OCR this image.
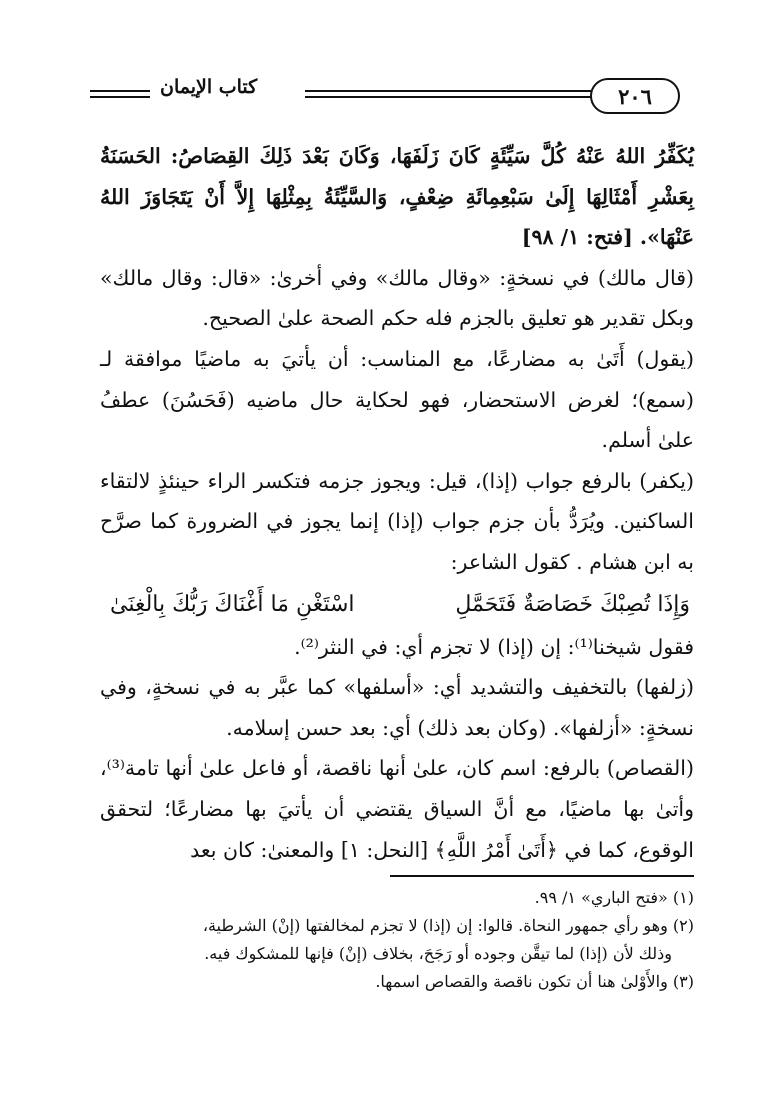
كتاب الإيمان	٢٠٦

يُكَفِّرُ اللهُ عَنْهُ كُلَّ سَيِّئَةٍ كَانَ زَلَفَهَا، وَكَانَ بَعْدَ ذَلِكَ القِصَاصُ: الحَسَنَةُ بِعَشْرِ أَمْثَالِهَا إِلَىٰ سَبْعِمِائَةِ ضِعْفٍ، وَالسَّيِّئَةُ بِمِثْلِهَا إِلاَّ أَنْ يَتَجَاوَزَ اللهُ عَنْهَا». [فتح: ١/ ٩٨]

(قال مالك) في نسخةٍ: «وقال مالك» وفي أخرىٰ: «قال: وقال مالك» وبكل تقدير هو تعليق بالجزم فله حكم الصحة علىٰ الصحيح.

(يقول) أَتَىٰ به مضارعًا، مع المناسب: أن يأتيَ به ماضيًا موافقة لـ (سمع)؛ لغرض الاستحضار، فهو لحكاية حال ماضيه (فَحَسُنَ) عطفُ علىٰ أسلم.

(يكفر) بالرفع جواب (إذا)، قيل: ويجوز جزمه فتكسر الراء حينئذٍ لالتقاء الساكنين. ويُرَدُّ بأن جزم جواب (إذا) إنما يجوز في الضرورة كما صرَّح به ابن هشام . كقول الشاعر:

وَإِذَا تُصِبْكَ خَصَاصَةٌ فَتَحَمَّلِ
اسْتَغْنِ مَا أَغْنَاكَ رَبُّكَ بِالْغِنَىٰ

فقول شيخنا⁽¹⁾: إن (إذا) لا تجزم أي: في النثر⁽²⁾.

(زلفها) بالتخفيف والتشديد أي: «أسلفها» كما عبَّر به في نسخةٍ، وفي نسخةٍ: «أزلفها». (وكان بعد ذلك) أي: بعد حسن إسلامه.

(القصاص) بالرفع: اسم كان، علىٰ أنها ناقصة، أو فاعل علىٰ أنها تامة⁽³⁾، وأتىٰ بها ماضيًا، مع أنَّ السياق يقتضي أن يأتيَ بها مضارعًا؛ لتحقق الوقوع، كما في ﴿أَتَىٰ أَمْرُ اللَّهِ﴾ [النحل: ١] والمعنىٰ: كان بعد

(١) «فتح الباري» ١/ ٩٩.

(٢) وهو رأي جمهور النحاة. قالوا: إن (إذا) لا تجزم لمخالفتها (إنْ) الشرطية،

وذلك لأن (إذا) لما تيقَّن وجوده أو رَجَحَ، بخلاف (إنْ) فإنها للمشكوك فيه.

(٣) والأَوْلىٰ هنا أن تكون ناقصة والقصاص اسمها.
